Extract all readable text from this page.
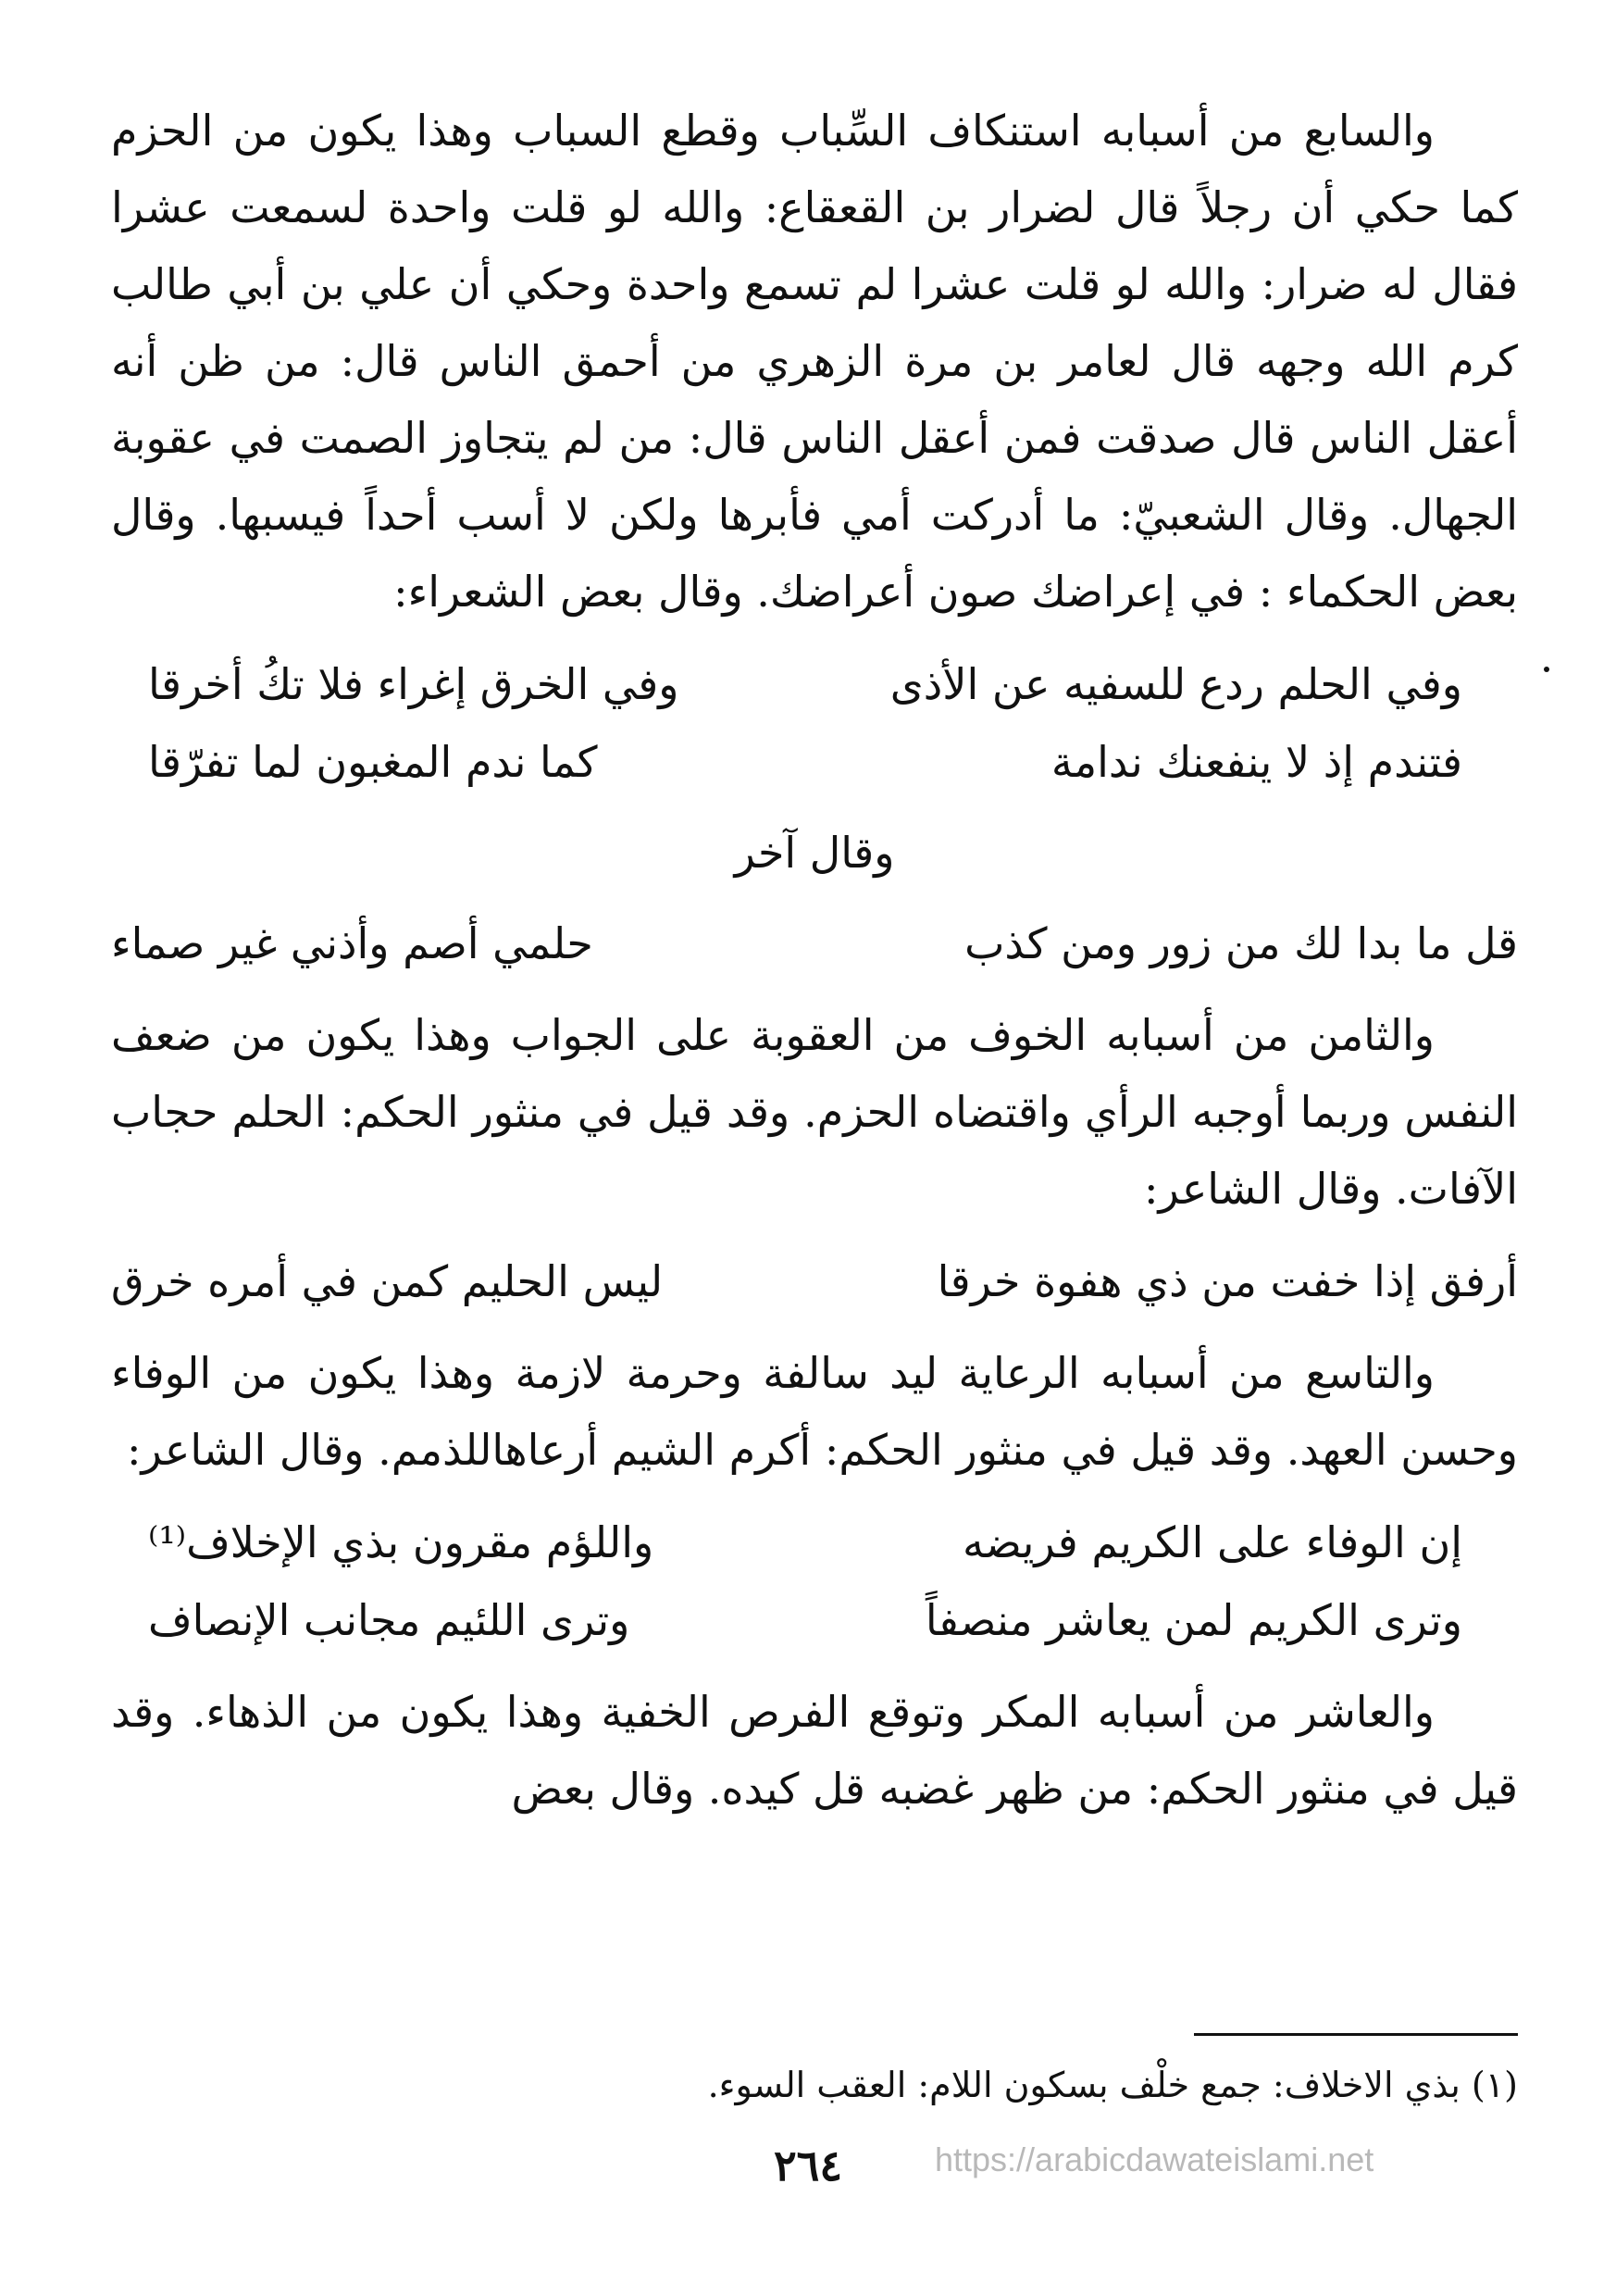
والسابع من أسبابه استنكاف السِّباب وقطع السباب وهذا يكون من الحزم كما حكي أن رجلاً قال لضرار بن القعقاع: والله لو قلت واحدة لسمعت عشرا فقال له ضرار: والله لو قلت عشرا لم تسمع واحدة وحكي أن علي بن أبي طالب كرم الله وجهه قال لعامر بن مرة الزهري من أحمق الناس قال: من ظن أنه أعقل الناس قال صدقت فمن أعقل الناس قال: من لم يتجاوز الصمت في عقوبة الجهال. وقال الشعبيّ: ما أدركت أمي فأبرها ولكن لا أسب أحداً فيسبها. وقال بعض الحكماء : في إعراضك صون أعراضك. وقال بعض الشعراء:

وفي الحلم ردع للسفيه عن الأذى
وفي الخرق إغراء فلا تكُ أخرقا
فتندم إذ لا ينفعنك ندامة
كما ندم المغبون لما تفرّقا
وقال آخر
قل ما بدا لك من زور ومن كذب
حلمي أصم وأذني غير صماء

والثامن من أسبابه الخوف من العقوبة على الجواب وهذا يكون من ضعف النفس وربما أوجبه الرأي واقتضاه الحزم. وقد قيل في منثور الحكم: الحلم حجاب الآفات. وقال الشاعر:

أرفق إذا خفت من ذي هفوة خرقا
ليس الحليم كمن في أمره خرق

والتاسع من أسبابه الرعاية ليد سالفة وحرمة لازمة وهذا يكون من الوفاء وحسن العهد. وقد قيل في منثور الحكم: أكرم الشيم أرعاهاللذمم. وقال الشاعر:

إن الوفاء على الكريم فريضه
واللؤم مقرون بذي الإخلاف⁽¹⁾
وترى الكريم لمن يعاشر منصفاً
وترى اللئيم مجانب الإنصاف

والعاشر من أسبابه المكر وتوقع الفرص الخفية وهذا يكون من الذهاء. وقد قيل في منثور الحكم: من ظهر غضبه قل كيده. وقال بعض

(١) بذي الاخلاف: جمع خلْف بسكون اللام: العقب السوء.
٢٦٤	https://arabicdawateislami.net
